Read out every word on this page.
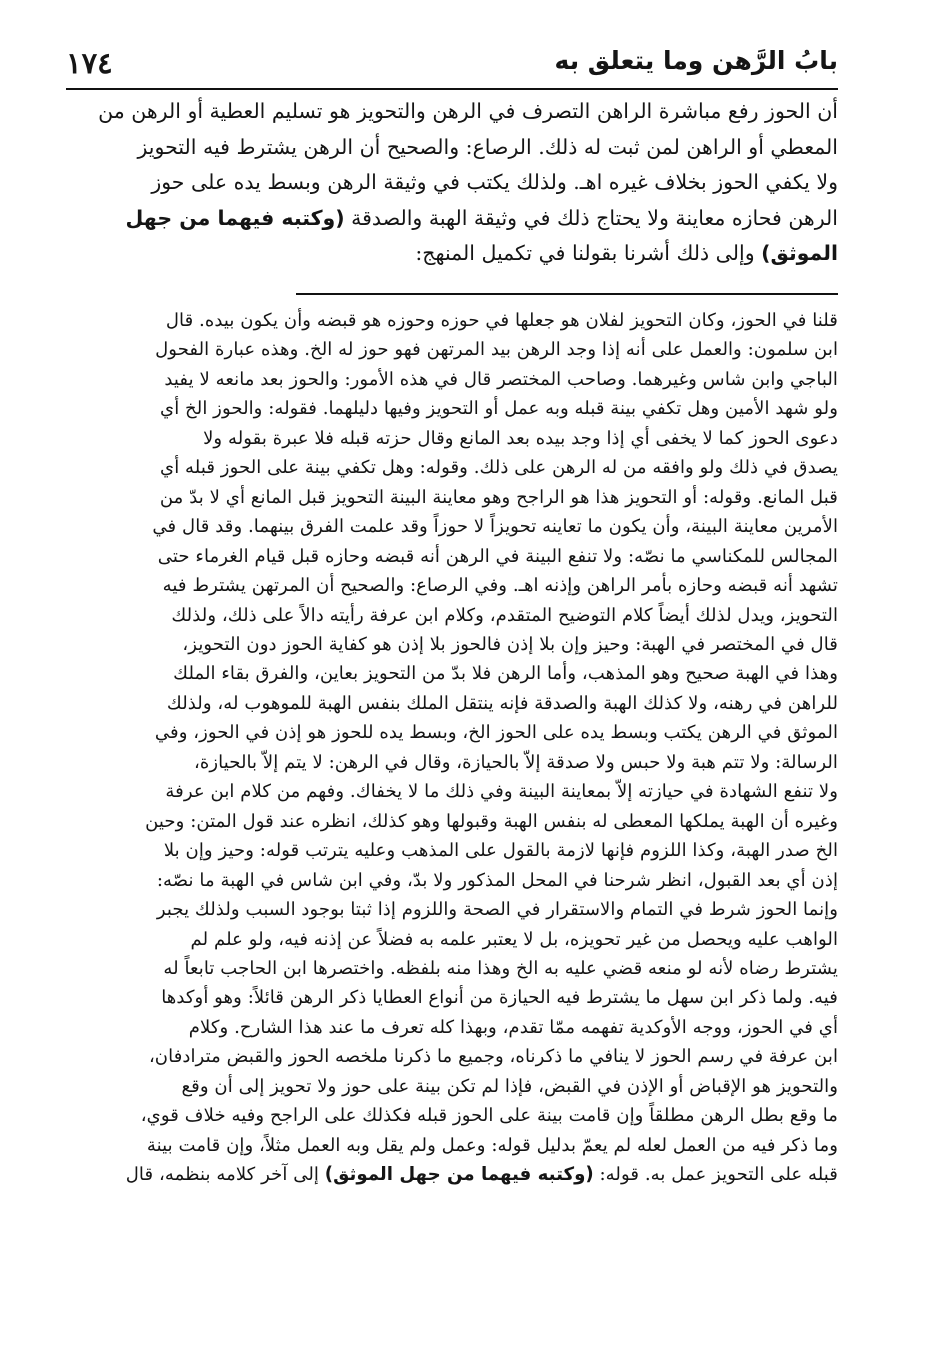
١٧٤	بابُ الرَّهن وما يتعلق به
أن الحوز رفع مباشرة الراهن التصرف في الرهن والتحويز هو تسليم العطية أو الرهن من
المعطي أو الراهن لمن ثبت له ذلك. الرصاع: والصحيح أن الرهن يشترط فيه التحويز
ولا يكفي الحوز بخلاف غيره اهـ. ولذلك يكتب في وثيقة الرهن وبسط يده على حوز
الرهن فحازه معاينة ولا يحتاج ذلك في وثيقة الهبة والصدقة (وكتبه فيهما من جهل
الموثق) وإلى ذلك أشرنا بقولنا في تكميل المنهج:
قلنا في الحوز، وكان التحويز لفلان هو جعلها في حوزه وحوزه هو قبضه وأن يكون بيده. قال
ابن سلمون: والعمل على أنه إذا وجد الرهن بيد المرتهن فهو حوز له الخ. وهذه عبارة الفحول
الباجي وابن شاس وغيرهما. وصاحب المختصر قال في هذه الأمور: والحوز بعد مانعه لا يفيد
ولو شهد الأمين وهل تكفي بينة قبله وبه عمل أو التحويز وفيها دليلهما. فقوله: والحوز الخ أي
دعوى الحوز كما لا يخفى أي إذا وجد بيده بعد المانع وقال حزته قبله فلا عبرة بقوله ولا
يصدق في ذلك ولو وافقه من له الرهن على ذلك. وقوله: وهل تكفي بينة على الحوز قبله أي
قبل المانع. وقوله: أو التحويز هذا هو الراجح وهو معاينة البينة التحويز قبل المانع أي لا بدّ من
الأمرين معاينة البينة، وأن يكون ما تعاينه تحويزاً لا حوزاً وقد علمت الفرق بينهما. وقد قال في
المجالس للمكناسي ما نصّه: ولا تنفع البينة في الرهن أنه قبضه وحازه قبل قيام الغرماء حتى
تشهد أنه قبضه وحازه بأمر الراهن وإذنه اهـ. وفي الرصاع: والصحيح أن المرتهن يشترط فيه
التحويز، ويدل لذلك أيضاً كلام التوضيح المتقدم، وكلام ابن عرفة رأيته دالاً على ذلك، ولذلك
قال في المختصر في الهبة: وحيز وإن بلا إذن فالحوز بلا إذن هو كفاية الحوز دون التحويز،
وهذا في الهبة صحيح وهو المذهب، وأما الرهن فلا بدّ من التحويز بعاين، والفرق بقاء الملك
للراهن في رهنه، ولا كذلك الهبة والصدقة فإنه ينتقل الملك بنفس الهبة للموهوب له، ولذلك
الموثق في الرهن يكتب وبسط يده على الحوز الخ، وبسط يده للحوز هو إذن في الحوز، وفي
الرسالة: ولا تتم هبة ولا حبس ولا صدقة إلاّ بالحيازة، وقال في الرهن: لا يتم إلاّ بالحيازة،
ولا تنفع الشهادة في حيازته إلاّ بمعاينة البينة وفي ذلك ما لا يخفاك. وفهم من كلام ابن عرفة
وغيره أن الهبة يملكها المعطى له بنفس الهبة وقبولها وهو كذلك، انظره عند قول المتن: وحين
الخ صدر الهبة، وكذا اللزوم فإنها لازمة بالقول على المذهب وعليه يترتب قوله: وحيز وإن بلا
إذن أي بعد القبول، انظر شرحنا في المحل المذكور ولا بدّ، وفي ابن شاس في الهبة ما نصّه:
وإنما الحوز شرط في التمام والاستقرار في الصحة واللزوم إذا ثبتا بوجود السبب ولذلك يجبر
الواهب عليه ويحصل من غير تحويزه، بل لا يعتبر علمه به فضلاً عن إذنه فيه، ولو علم لم
يشترط رضاه لأنه لو منعه قضي عليه به الخ وهذا منه بلفظه. واختصرها ابن الحاجب تابعاً له
فيه. ولما ذكر ابن سهل ما يشترط فيه الحيازة من أنواع العطايا ذكر الرهن قائلاً: وهو أوكدها
أي في الحوز، ووجه الأوكدية تفهمه ممّا تقدم، وبهذا كله تعرف ما عند هذا الشارح. وكلام
ابن عرفة في رسم الحوز لا ينافي ما ذكرناه، وجميع ما ذكرنا ملخصه الحوز والقبض مترادفان،
والتحويز هو الإقباض أو الإذن في القبض، فإذا لم تكن بينة على حوز ولا تحويز إلى أن وقع
ما وقع بطل الرهن مطلقاً وإن قامت بينة على الحوز قبله فكذلك على الراجح وفيه خلاف قوي،
وما ذكر فيه من العمل لعله لم يعمّ بدليل قوله: وعمل ولم يقل وبه العمل مثلاً، وإن قامت بينة
قبله على التحويز عمل به. قوله: (وكتبه فيهما من جهل الموثق) إلى آخر كلامه بنظمه، قال
